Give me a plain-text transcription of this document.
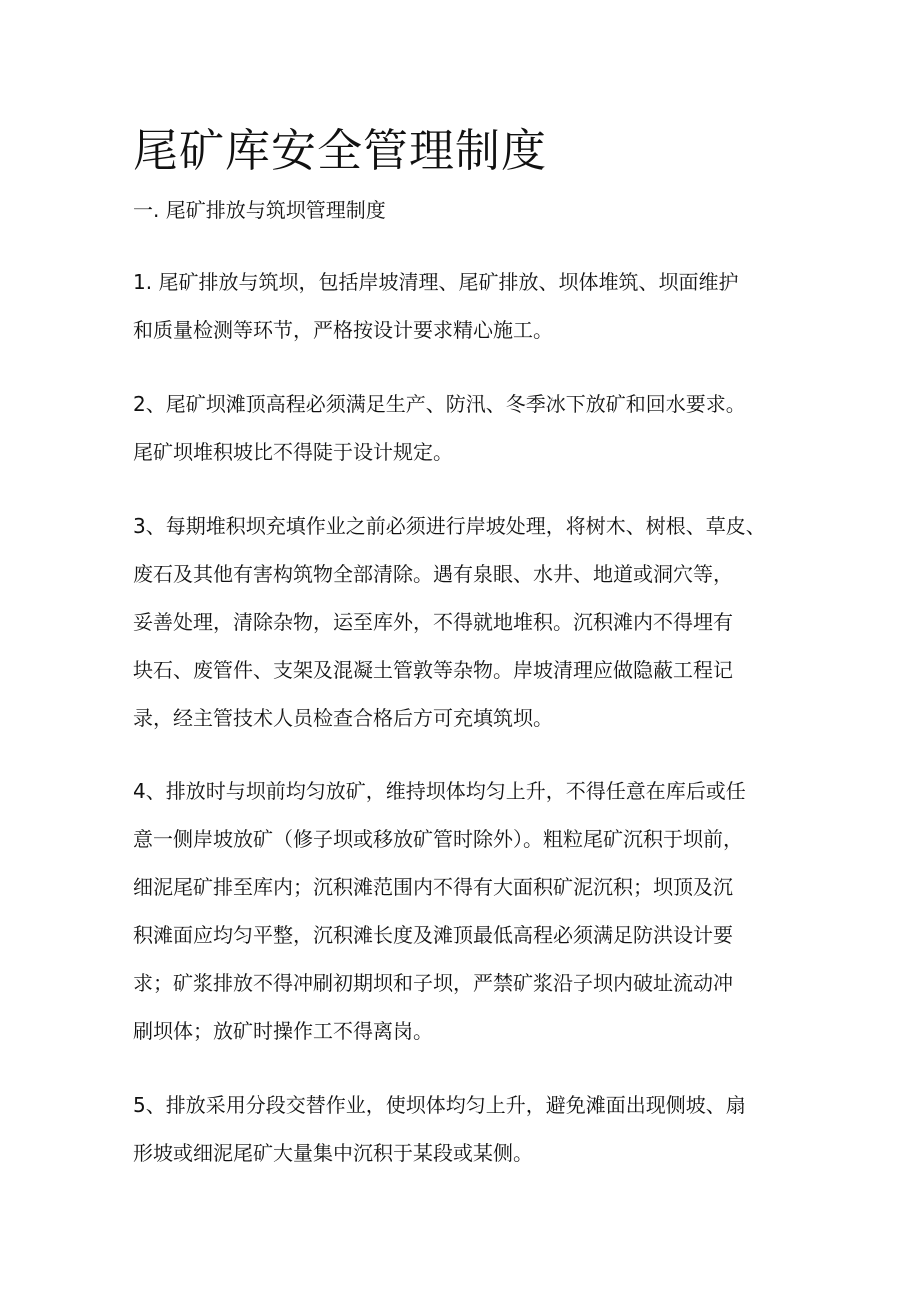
尾矿库安全管理制度
一. 尾矿排放与筑坝管理制度

1. 尾矿排放与筑坝，包括岸坡清理、尾矿排放、坝体堆筑、坝面维护
和质量检测等环节，严格按设计要求精心施工。

2、尾矿坝滩顶高程必须满足生产、防汛、冬季冰下放矿和回水要求。
尾矿坝堆积坡比不得陡于设计规定。

3、每期堆积坝充填作业之前必须进行岸坡处理，将树木、树根、草皮、
废石及其他有害构筑物全部清除。遇有泉眼、水井、地道或洞穴等，
妥善处理，清除杂物，运至库外，不得就地堆积。沉积滩内不得埋有
块石、废管件、支架及混凝土管敦等杂物。岸坡清理应做隐蔽工程记
录，经主管技术人员检查合格后方可充填筑坝。

4、排放时与坝前均匀放矿，维持坝体均匀上升，不得任意在库后或任
意一侧岸坡放矿（修子坝或移放矿管时除外）。粗粒尾矿沉积于坝前，
细泥尾矿排至库内；沉积滩范围内不得有大面积矿泥沉积；坝顶及沉
积滩面应均匀平整，沉积滩长度及滩顶最低高程必须满足防洪设计要
求；矿浆排放不得冲刷初期坝和子坝，严禁矿浆沿子坝内破址流动冲
刷坝体；放矿时操作工不得离岗。

5、排放采用分段交替作业，使坝体均匀上升，避免滩面出现侧坡、扇
形坡或细泥尾矿大量集中沉积于某段或某侧。
